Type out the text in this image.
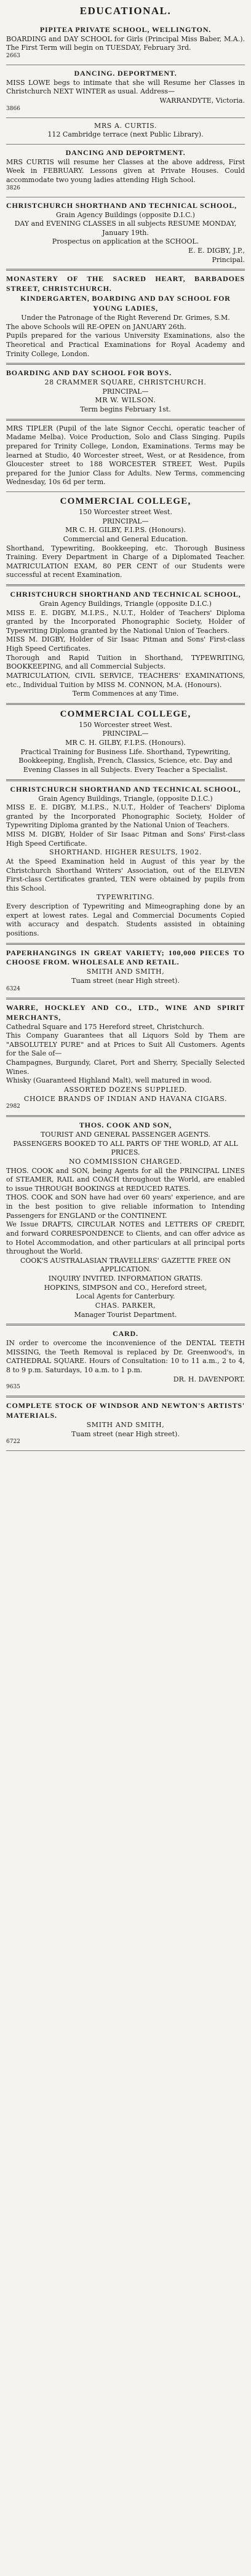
EDUCATIONAL.

PIPITEA PRIVATE SCHOOL, WELLINGTON.

BOARDING and DAY SCHOOL for Girls (Principal Miss Baber, M.A.). The First Term will begin on TUESDAY, February 3rd.

2663

DANCING. DEPORTMENT.

MISS LOWE begs to intimate that she will Resume her Classes in Christchurch NEXT WINTER as usual. Address—

WARRANDYTE, Victoria.

3866

MRS A. CURTIS.

112 Cambridge terrace (next Public Library).

DANCING AND DEPORTMENT.

MRS CURTIS will resume her Classes at the above address, First Week in FEBRUARY. Lessons given at Private Houses. Could accommodate two young ladies attending High School.

3826

CHRISTCHURCH SHORTHAND AND TECHNICAL SCHOOL,

Grain Agency Buildings (opposite D.I.C.)

DAY and EVENING CLASSES in all subjects RESUME MONDAY, January 19th.

Prospectus on application at the SCHOOL.

E. E. DIGBY, J.P.,

Principal.

MONASTERY OF THE SACRED HEART, BARBADOES STREET, CHRISTCHURCH.

KINDERGARTEN, BOARDING AND DAY SCHOOL FOR YOUNG LADIES,

Under the Patronage of the Right Reverend Dr. Grimes, S.M.

The above Schools will RE-OPEN on JANUARY 26th.

Pupils prepared for the various University Examinations, also the Theoretical and Practical Examinations for Royal Academy and Trinity College, London.

BOARDING AND DAY SCHOOL FOR BOYS.

28 CRAMMER SQUARE, CHRISTCHURCH.

PRINCIPAL—

MR W. WILSON.

Term begins February 1st.

MRS TIPLER (Pupil of the late Signor Cecchi, operatic teacher of Madame Melba). Voice Production, Solo and Class Singing. Pupils prepared for Trinity College, London, Examinations. Terms may be learned at Studio, 40 Worcester street, West, or at Residence, from Gloucester street to 188 WORCESTER STREET, West. Pupils prepared for the Junior Class for Adults. New Terms, commencing Wednesday, 10s 6d per term.

COMMERCIAL COLLEGE,

150 Worcester street West.

PRINCIPAL—

MR C. H. GILBY, F.I.P.S. (Honours).

Commercial and General Education.

Shorthand, Typewriting, Bookkeeping, etc. Thorough Business Training. Every Department in Charge of a Diplomated Teacher. MATRICULATION EXAM, 80 PER CENT of our Students were successful at recent Examination.

CHRISTCHURCH SHORTHAND AND TECHNICAL SCHOOL,

Grain Agency Buildings, Triangle (opposite D.I.C.)

MISS E. E. DIGBY, M.I.P.S., N.U.T., Holder of Teachers' Diploma granted by the Incorporated Phonographic Society, Holder of Typewriting Diploma granted by the National Union of Teachers.

MISS M. DIGBY, Holder of Sir Isaac Pitman and Sons' First-class High Speed Certificates.

Thorough and Rapid Tuition in Shorthand, TYPEWRITING, BOOKKEEPING, and all Commercial Subjects.

MATRICULATION, CIVIL SERVICE, TEACHERS' EXAMINATIONS, etc., Individual Tuition by MISS M. CONNON, M.A. (Honours).

Term Commences at any Time.

COMMERCIAL COLLEGE,

150 Worcester street West.

PRINCIPAL—

MR C. H. GILBY, F.I.P.S. (Honours).

Practical Training for Business Life. Shorthand, Typewriting, Bookkeeping, English, French, Classics, Science, etc. Day and Evening Classes in all Subjects. Every Teacher a Specialist.

CHRISTCHURCH SHORTHAND AND TECHNICAL SCHOOL,

Grain Agency Buildings, Triangle, (opposite D.I.C.)

MISS E. E. DIGBY, M.I.P.S., N.U.T., Holder of Teachers' Diploma granted by the Incorporated Phonographic Society, Holder of Typewriting Diploma granted by the National Union of Teachers.

MISS M. DIGBY, Holder of Sir Isaac Pitman and Sons' First-class High Speed Certificate.

SHORTHAND. HIGHER RESULTS, 1902.

At the Speed Examination held in August of this year by the Christchurch Shorthand Writers' Association, out of the ELEVEN First-class Certificates granted, TEN were obtained by pupils from this School.

TYPEWRITING.

Every description of Typewriting and Mimeographing done by an expert at lowest rates. Legal and Commercial Documents Copied with accuracy and despatch. Students assisted in obtaining positions.

PAPERHANGINGS IN GREAT VARIETY; 100,000 PIECES TO CHOOSE FROM. WHOLESALE AND RETAIL.

SMITH AND SMITH,

Tuam street (near High street).

6324

WARRE, HOCKLEY AND CO., LTD., WINE AND SPIRIT MERCHANTS,

Cathedral Square and 175 Hereford street, Christchurch.

This Company Guarantees that all Liquors Sold by Them are "ABSOLUTELY PURE" and at Prices to Suit All Customers. Agents for the Sale of—

Champagnes, Burgundy, Claret, Port and Sherry, Specially Selected Wines.

Whisky (Guaranteed Highland Malt), well matured in wood.

ASSORTED DOZENS SUPPLIED.

CHOICE BRANDS OF INDIAN AND HAVANA CIGARS.

2982

THOS. COOK AND SON,

TOURIST AND GENERAL PASSENGER AGENTS.

PASSENGERS BOOKED TO ALL PARTS OF THE WORLD, AT ALL PRICES.

NO COMMISSION CHARGED.

THOS. COOK and SON, being Agents for all the PRINCIPAL LINES of STEAMER, RAIL and COACH throughout the World, are enabled to issue THROUGH BOOKINGS at REDUCED RATES.

THOS. COOK and SON have had over 60 years' experience, and are in the best position to give reliable information to Intending Passengers for ENGLAND or the CONTINENT.

We Issue DRAFTS, CIRCULAR NOTES and LETTERS OF CREDIT, and forward CORRESPONDENCE to Clients, and can offer advice as to Hotel Accommodation, and other particulars at all principal ports throughout the World.

COOK'S AUSTRALASIAN TRAVELLERS' GAZETTE FREE ON APPLICATION.

INQUIRY INVITED. INFORMATION GRATIS.

HOPKINS, SIMPSON and CO., Hereford street,

Local Agents for Canterbury.

CHAS. PARKER,

Manager Tourist Department.

CARD.

IN order to overcome the inconvenience of the DENTAL TEETH MISSING, the Teeth Removal is replaced by Dr. Greenwood's, in CATHEDRAL SQUARE. Hours of Consultation: 10 to 11 a.m., 2 to 4, 8 to 9 p.m. Saturdays, 10 a.m. to 1 p.m.

DR. H. DAVENPORT.

9635

COMPLETE STOCK OF WINDSOR AND NEWTON'S ARTISTS' MATERIALS.

SMITH AND SMITH,

Tuam street (near High street).

6722
